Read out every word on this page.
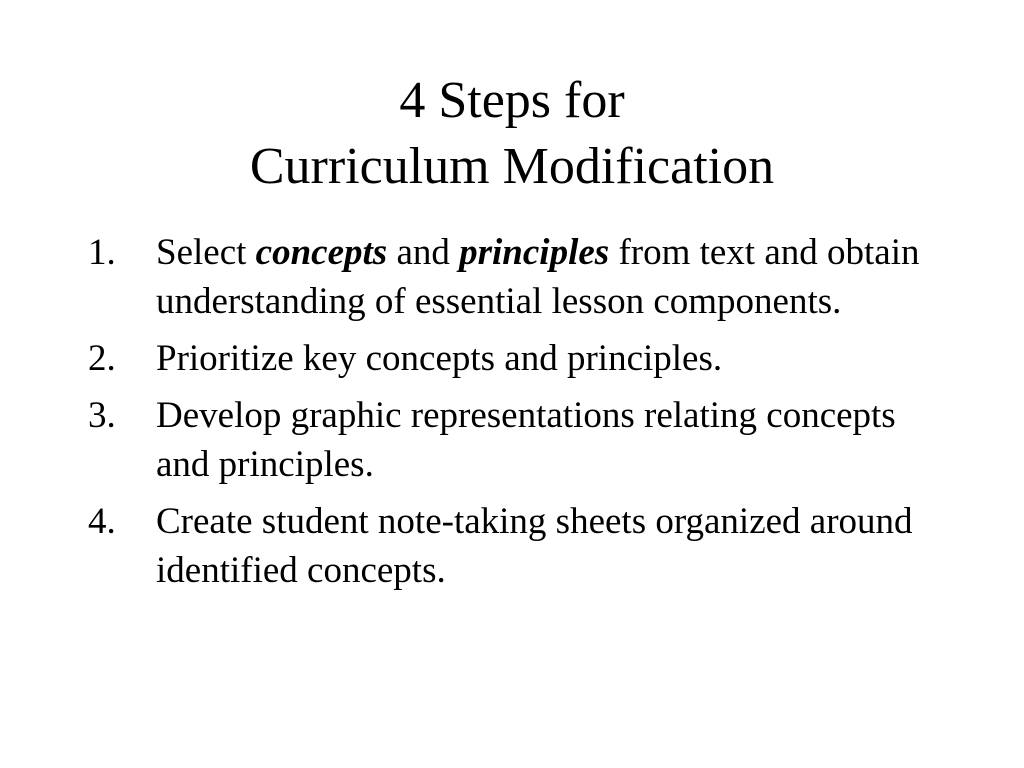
4 Steps for
Curriculum Modification
1. Select concepts and principles from text and obtain understanding of essential lesson components.
2. Prioritize key concepts and principles.
3. Develop graphic representations relating concepts and principles.
4. Create student note-taking sheets organized around identified concepts.
